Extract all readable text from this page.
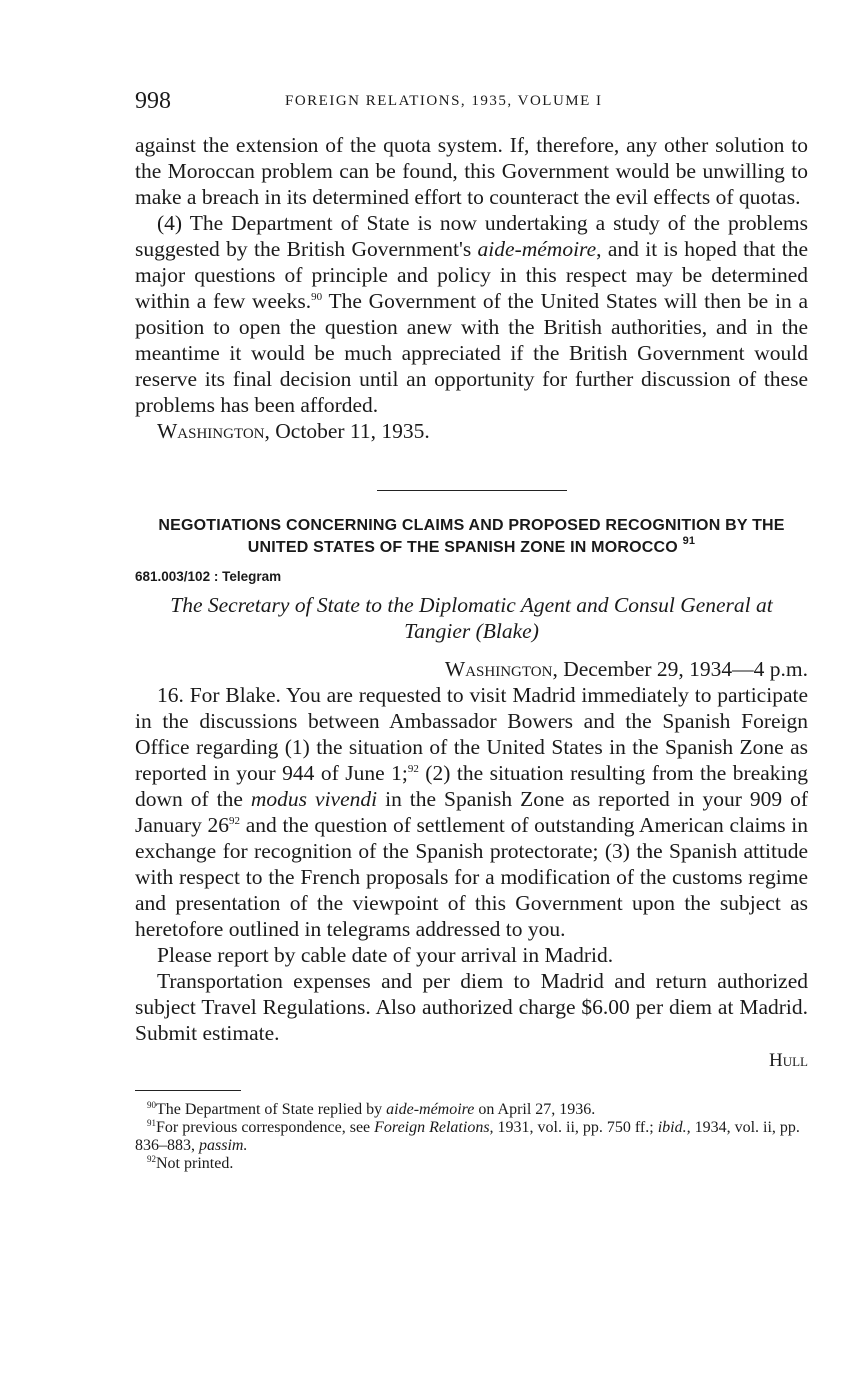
998	FOREIGN RELATIONS, 1935, VOLUME I

against the extension of the quota system. If, therefore, any other solution to the Moroccan problem can be found, this Government would be unwilling to make a breach in its determined effort to counteract the evil effects of quotas.

(4) The Department of State is now undertaking a study of the problems suggested by the British Government's aide-mémoire, and it is hoped that the major questions of principle and policy in this respect may be determined within a few weeks.$^{90}$ The Government of the United States will then be in a position to open the question anew with the British authorities, and in the meantime it would be much appreciated if the British Government would reserve its final decision until an opportunity for further discussion of these problems has been afforded.

Washington, October 11, 1935.

NEGOTIATIONS CONCERNING CLAIMS AND PROPOSED RECOGNITION BY THE UNITED STATES OF THE SPANISH ZONE IN MOROCCO $^{91}$

681.003/102 : Telegram

The Secretary of State to the Diplomatic Agent and Consul General at Tangier (Blake)

Washington, December 29, 1934—4 p.m.

16. For Blake. You are requested to visit Madrid immediately to participate in the discussions between Ambassador Bowers and the Spanish Foreign Office regarding (1) the situation of the United States in the Spanish Zone as reported in your 944 of June 1;$^{92}$ (2) the situation resulting from the breaking down of the modus vivendi in the Spanish Zone as reported in your 909 of January $26^{92}$ and the question of settlement of outstanding American claims in exchange for recognition of the Spanish protectorate; (3) the Spanish attitude with respect to the French proposals for a modification of the customs regime and presentation of the viewpoint of this Government upon the subject as heretofore outlined in telegrams addressed to you.

Please report by cable date of your arrival in Madrid.

Transportation expenses and per diem to Madrid and return authorized subject Travel Regulations. Also authorized charge $6.00 per diem at Madrid. Submit estimate.

Hull

$^{90}$The Department of State replied by aide-mémoire on April 27, 1936.

$^{91}$For previous correspondence, see Foreign Relations, 1931, vol. ii, pp. 750 ff.; ibid., 1934, vol. ii, pp. 836–883, passim.

$^{92}$Not printed.
